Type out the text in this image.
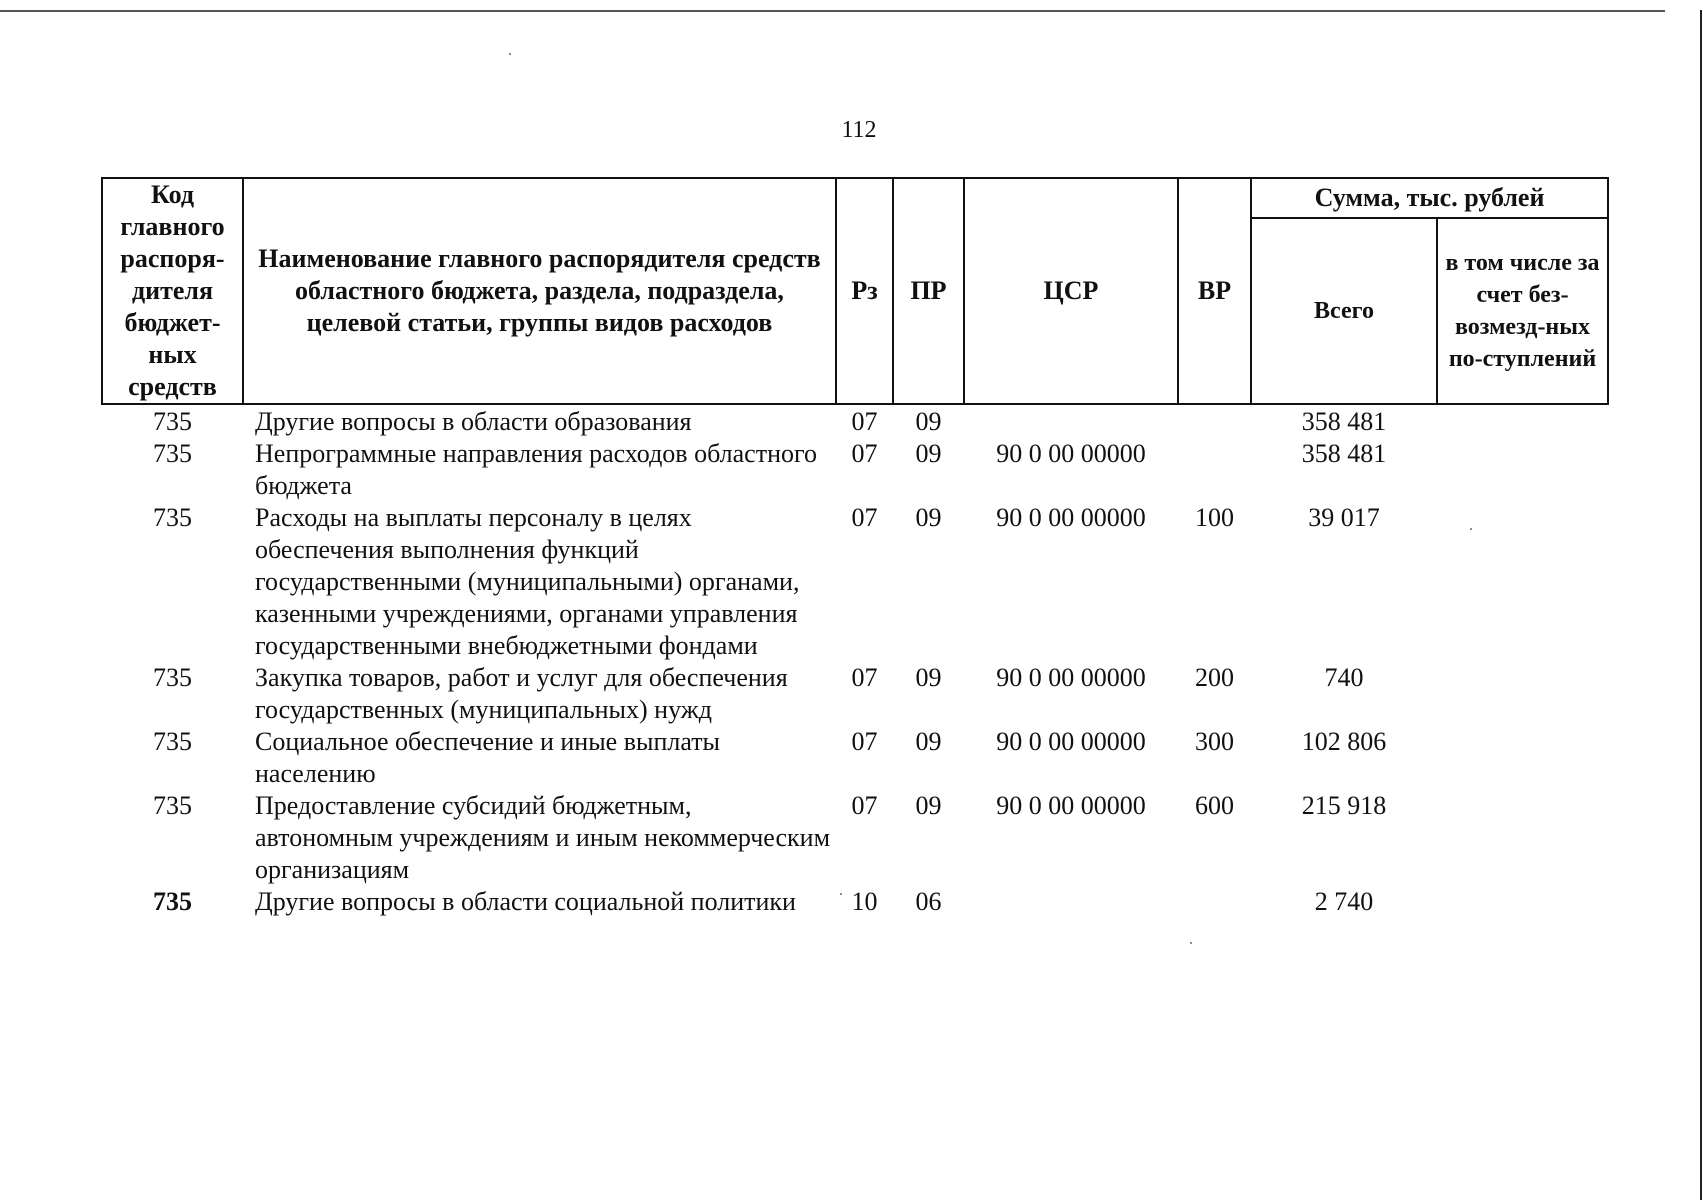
112
Код главного распоря-дителя бюджет-ных средств	Наименование главного распорядителя средств областного бюджета, раздела, подраздела, целевой статьи, группы видов расходов	Рз	ПР	ЦСР	ВР	Сумма, тыс. рублей	
						Всего	в том числе за счет без-возмезд-ных по-ступлений
735	Другие вопросы в области образования	07	09			358 481	
735	Непрограммные направления расходов областного бюджета	07	09	90 0 00 00000		358 481	
735	Расходы на выплаты персоналу в целях обеспечения выполнения функций государственными (муниципальными) органами, казенными учреждениями, органами управления государственными внебюджетными фондами	07	09	90 0 00 00000	100	39 017	
735	Закупка товаров, работ и услуг для обеспечения государственных (муниципальных) нужд	07	09	90 0 00 00000	200	740	
735	Социальное обеспечение и иные выплаты населению	07	09	90 0 00 00000	300	102 806	
735	Предоставление субсидий бюджетным, автономным учреждениям и иным некоммерческим организациям	07	09	90 0 00 00000	600	215 918	
735	Другие вопросы в области социальной политики	10	06			2 740	
